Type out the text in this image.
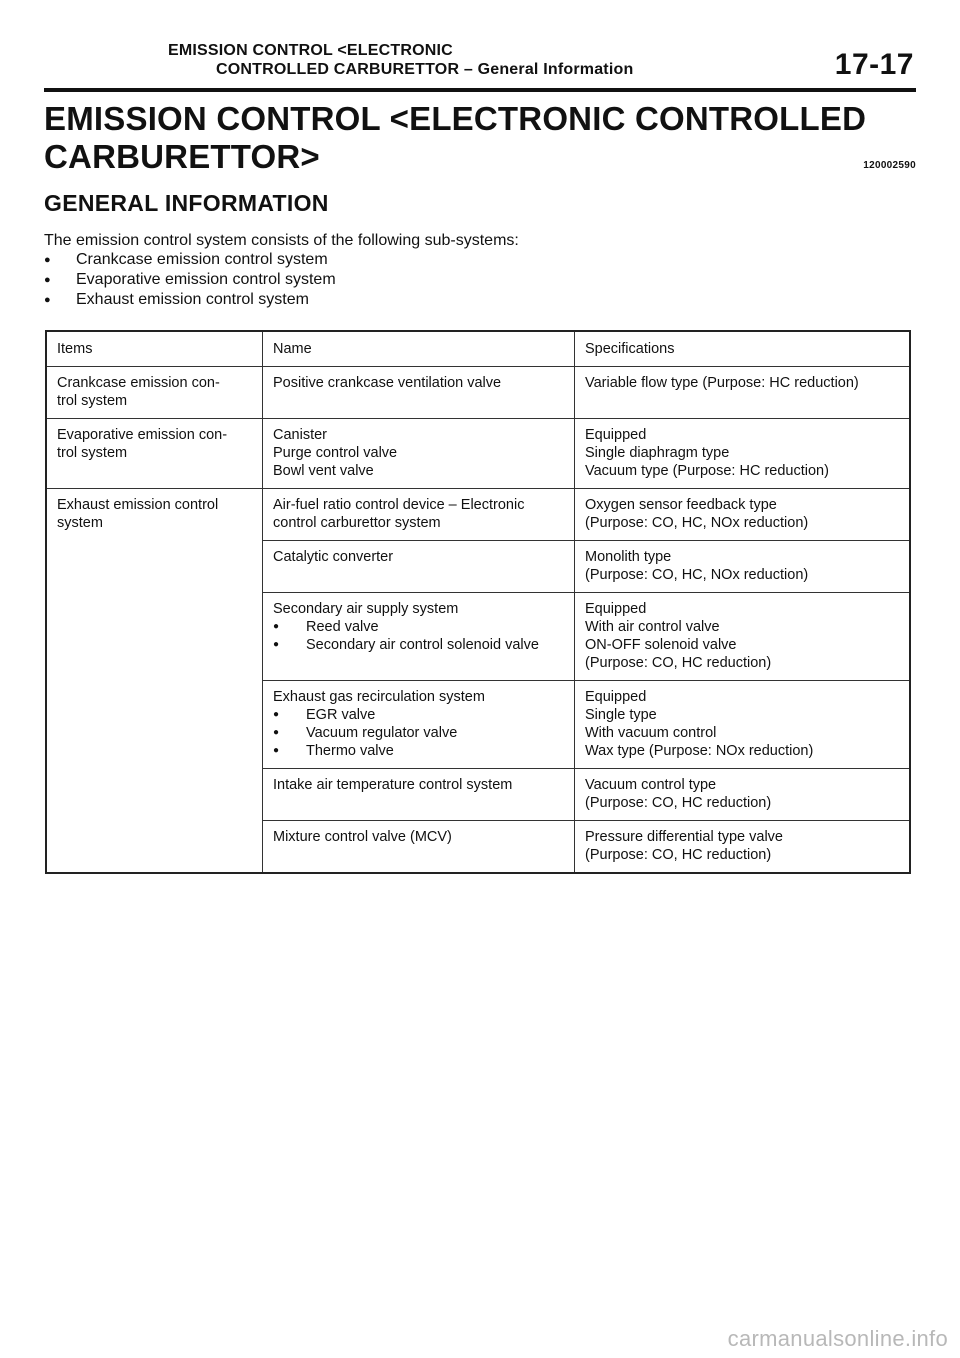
EMISSION CONTROL <ELECTRONIC
CONTROLLED CARBURETTOR – General Information	17-17
EMISSION CONTROL <ELECTRONIC CONTROLLED
CARBURETTOR>	120002590
GENERAL INFORMATION
The emission control system consists of the following sub-systems:
● Crankcase emission control system
● Evaporative emission control system
● Exhaust emission control system
Items	Name	Specifications

Crankcase emission con-
trol system	Positive crankcase ventilation valve	Variable flow type (Purpose: HC reduction)

Evaporative emission con-
trol system	Canister
Purge control valve
Bowl vent valve	Equipped
Single diaphragm type
Vacuum type (Purpose: HC reduction)

Exhaust emission control
system	Air-fuel ratio control device – Electronic
control carburettor system	Oxygen sensor feedback type
(Purpose: CO, HC, NOx reduction)

	Catalytic converter	Monolith type
(Purpose: CO, HC, NOx reduction)

	Secondary air supply system
● Reed valve
● Secondary air control solenoid valve	Equipped
With air control valve
ON-OFF solenoid valve
(Purpose: CO, HC reduction)

	Exhaust gas recirculation system
● EGR valve
● Vacuum regulator valve
● Thermo valve	Equipped
Single type
With vacuum control
Wax type (Purpose: NOx reduction)

	Intake air temperature control system	Vacuum control type
(Purpose: CO, HC reduction)

	Mixture control valve (MCV)	Pressure differential type valve
(Purpose: CO, HC reduction)
carmanualsonline.info
